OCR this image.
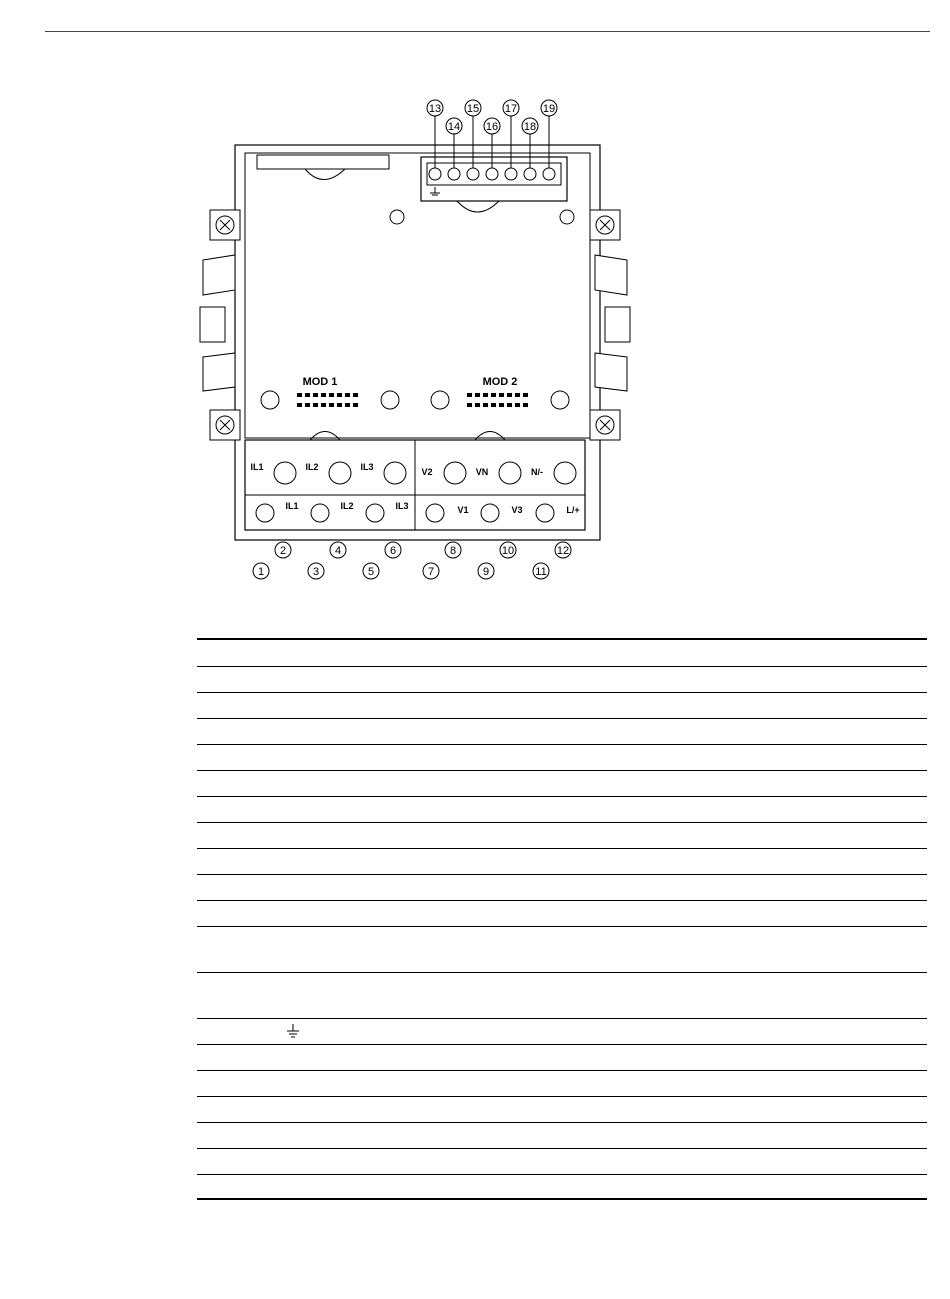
13
14
15
16
17
18
19
MOD 1	MOD 2
IL1	IL2	IL3	V2	VN	N/-
IL1	IL2	IL3	V1	V3	L/+
2	4	6	8	10	12
1	3	5	7	9	11
